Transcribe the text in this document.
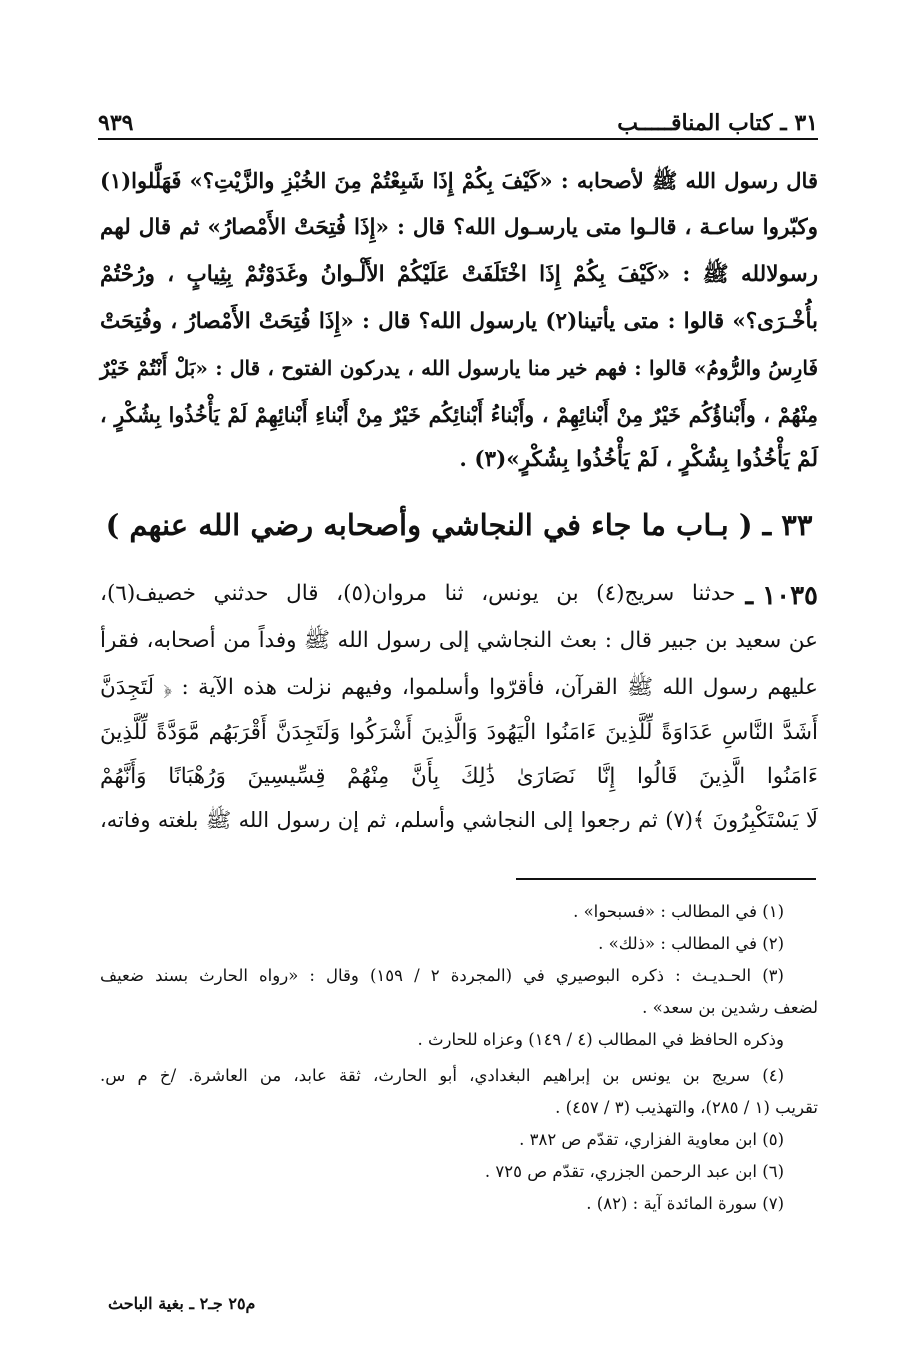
٣١ ـ كتاب المناقـــــب
٩٣٩
قال رسول الله ﷺ لأصحابه : «كَيْفَ بِكُمْ إِذَا شَبِعْتُمْ مِنَ الخُبْزِ والزَّيْتِ؟» فَهَلَّلوا(١)
وكبّروا ساعـة ، قالـوا متى يارسـول الله؟ قال : «إِذَا فُتِحَتْ الأَمْصارُ» ثم قال لهم
رسولالله ﷺ : «كَيْفَ بِكُمْ إِذَا اخْتَلَفَتْ عَلَيْكُمْ الأَلْـوانُ وغَدَوْتُمْ بِثِيابٍ ، ورُحْتُمْ
بأُخْـرَى؟» قالوا : متى يأتينا(٢) يارسول الله؟ قال : «إِذَا فُتِحَتْ الأَمْصارُ ، وفُتِحَتْ
فَارِسُ والرُّومُ» قالوا : فهم خير منا يارسول الله ، يدركون الفتوح ، قال : «بَلْ أَنْتُمْ خَيْرٌ
مِنْهُمْ ، وأَبْناؤُكُم خَيْرٌ مِنْ أَبْنائِهِمْ ، وأَبْناءُ أَبْنائِكُم خَيْرٌ مِنْ أَبْناءِ أَبْنائِهِمْ لَمْ يَأْخُذُوا بِشُكْرٍ ،
لَمْ يَأْخُذُوا بِشُكْرٍ ، لَمْ يَأْخُذُوا بِشُكْرٍ»(٣) .
٣٣ ـ ( بـاب ما جاء في النجاشي وأصحابه رضي الله عنهم )
١٠٣٥ ـ
حدثنا سريج(٤) بن يونس، ثنا مروان(٥)، قال حدثني خصيف(٦)،
عن سعيد بن جبير قال : بعث النجاشي إلى رسول الله ﷺ وفداً من أصحابه، فقرأ
عليهم رسول الله ﷺ القرآن، فأقرّوا وأسلموا، وفيهم نزلت هذه الآية : ﴿ لَتَجِدَنَّ
أَشَدَّ النَّاسِ عَدَاوَةً لِّلَّذِينَ ءَامَنُوا الْيَهُودَ وَالَّذِينَ أَشْرَكُوا وَلَتَجِدَنَّ أَقْرَبَهُم مَّوَدَّةً لِّلَّذِينَ
ءَامَنُوا الَّذِينَ قَالُوا إِنَّا نَصَارَىٰ ذَٰلِكَ بِأَنَّ مِنْهُمْ قِسِّيسِينَ وَرُهْبَانًا وَأَنَّهُمْ
لَا يَسْتَكْبِرُونَ ﴾(٧) ثم رجعوا إلى النجاشي وأسلم، ثم إن رسول الله ﷺ بلغته وفاته،
(١) في المطالب : «فسبحوا» .
(٢) في المطالب : «ذلك» .
(٣) الحـديـث : ذكره البوصيري في (المجردة ٢ / ١٥٩) وقال : «رواه الحارث بسند ضعيف
لضعف رشدين بن سعد» .
وذكره الحافظ في المطالب (٤ / ١٤٩) وعزاه للحارث .
(٤) سريج بن يونس بن إبراهيم البغدادي، أبو الحارث، ثقة عابد، من العاشرة. /خ م س.
تقريب (١ / ٢٨٥)، والتهذيب (٣ / ٤٥٧) .
(٥) ابن معاوية الفزاري، تقدّم ص ٣٨٢ .
(٦) ابن عبد الرحمن الجزري، تقدّم ص ٧٢٥ .
(٧) سورة المائدة آية : (٨٢) .
م٢٥ جـ٢ ـ بغية الباحث
